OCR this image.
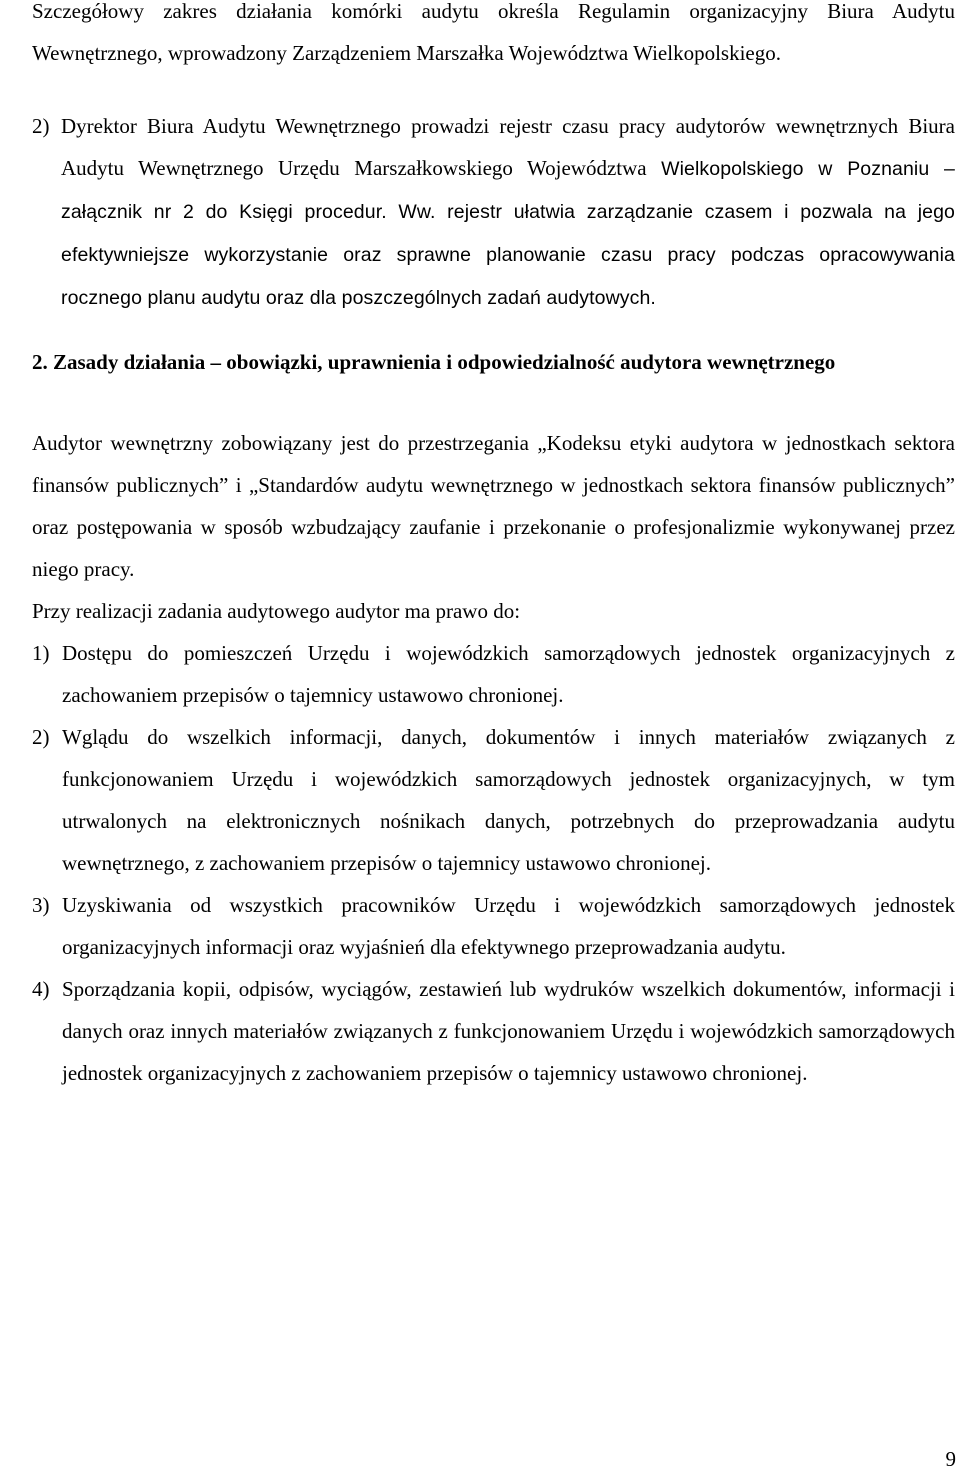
Szczegółowy zakres działania komórki audytu określa Regulamin organizacyjny Biura Audytu Wewnętrznego, wprowadzony Zarządzeniem Marszałka Województwa Wielkopolskiego.

2) Dyrektor Biura Audytu Wewnętrznego prowadzi rejestr czasu pracy audytorów wewnętrznych Biura Audytu Wewnętrznego Urzędu Marszałkowskiego Województwa Wielkopolskiego w Poznaniu – załącznik nr 2 do Księgi procedur. Ww. rejestr ułatwia zarządzanie czasem i pozwala na jego efektywniejsze wykorzystanie oraz sprawne planowanie czasu pracy podczas opracowywania rocznego planu audytu oraz dla poszczególnych zadań audytowych.

2. Zasady działania – obowiązki, uprawnienia i odpowiedzialność audytora wewnętrznego

Audytor wewnętrzny zobowiązany jest do przestrzegania „Kodeksu etyki audytora w jednostkach sektora finansów publicznych” i „Standardów audytu wewnętrznego w jednostkach sektora finansów publicznych” oraz postępowania w sposób wzbudzający zaufanie i przekonanie o profesjonalizmie wykonywanej przez niego pracy.

Przy realizacji zadania audytowego audytor ma prawo do:

1) Dostępu do pomieszczeń Urzędu i wojewódzkich samorządowych jednostek organizacyjnych z zachowaniem przepisów o tajemnicy ustawowo chronionej.

2) Wglądu do wszelkich informacji, danych, dokumentów i innych materiałów związanych z funkcjonowaniem Urzędu i wojewódzkich samorządowych jednostek organizacyjnych, w tym utrwalonych na elektronicznych nośnikach danych, potrzebnych do przeprowadzania audytu wewnętrznego, z zachowaniem przepisów o tajemnicy ustawowo chronionej.

3) Uzyskiwania od wszystkich pracowników Urzędu i wojewódzkich samorządowych jednostek organizacyjnych informacji oraz wyjaśnień dla efektywnego przeprowadzania audytu.

4) Sporządzania kopii, odpisów, wyciągów, zestawień lub wydruków wszelkich dokumentów, informacji i danych oraz innych materiałów związanych z funkcjonowaniem Urzędu i wojewódzkich samorządowych jednostek organizacyjnych z zachowaniem przepisów o tajemnicy ustawowo chronionej.

9
